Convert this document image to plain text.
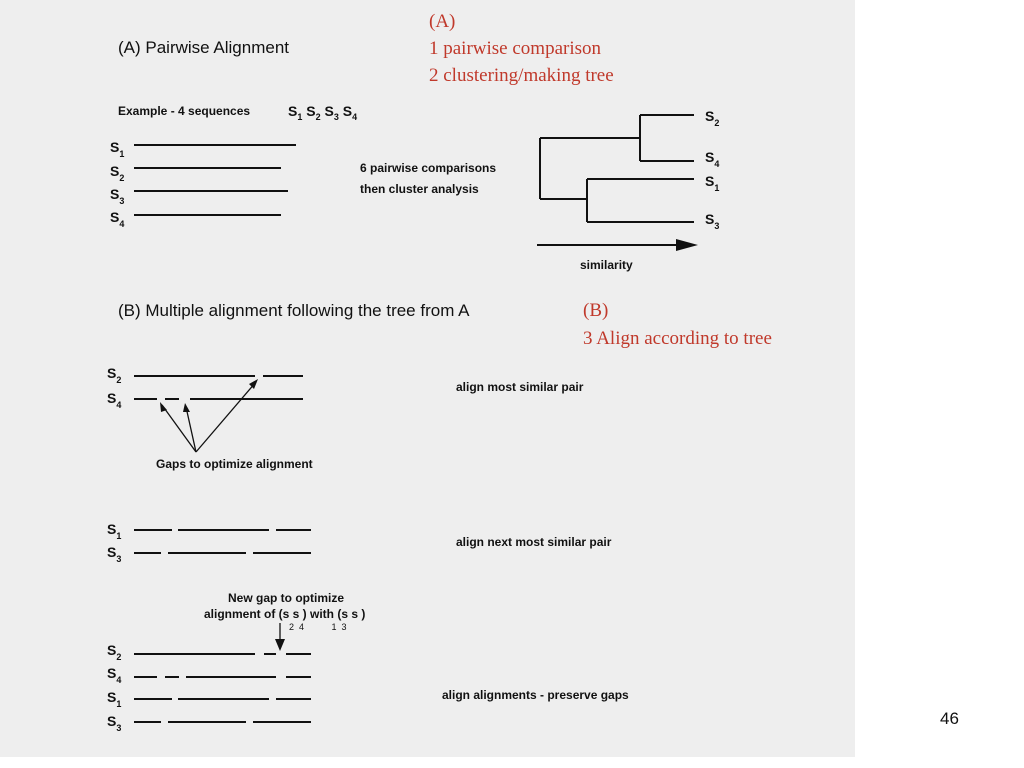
(A)
1 pairwise comparison
2 clustering/making tree
(B)
3 Align according to tree
(A) Pairwise Alignment
Example - 4 sequences	$S_1$ $S_2$ $S_3$ $S_4$
$S_1$
$S_2$
$S_3$
$S_4$
6 pairwise comparisons
then cluster analysis
$S_2$
$S_4$
$S_1$
$S_3$
similarity
(B) Multiple alignment following the tree from A
$S_2$
$S_4$
Gaps to optimize alignment
align most similar pair
$S_1$
$S_3$
align next most similar pair
New gap to optimize
alignment of (s s ) with (s s )
2  4           1  3
$S_2$
$S_4$
$S_1$
$S_3$
align alignments - preserve gaps
46
